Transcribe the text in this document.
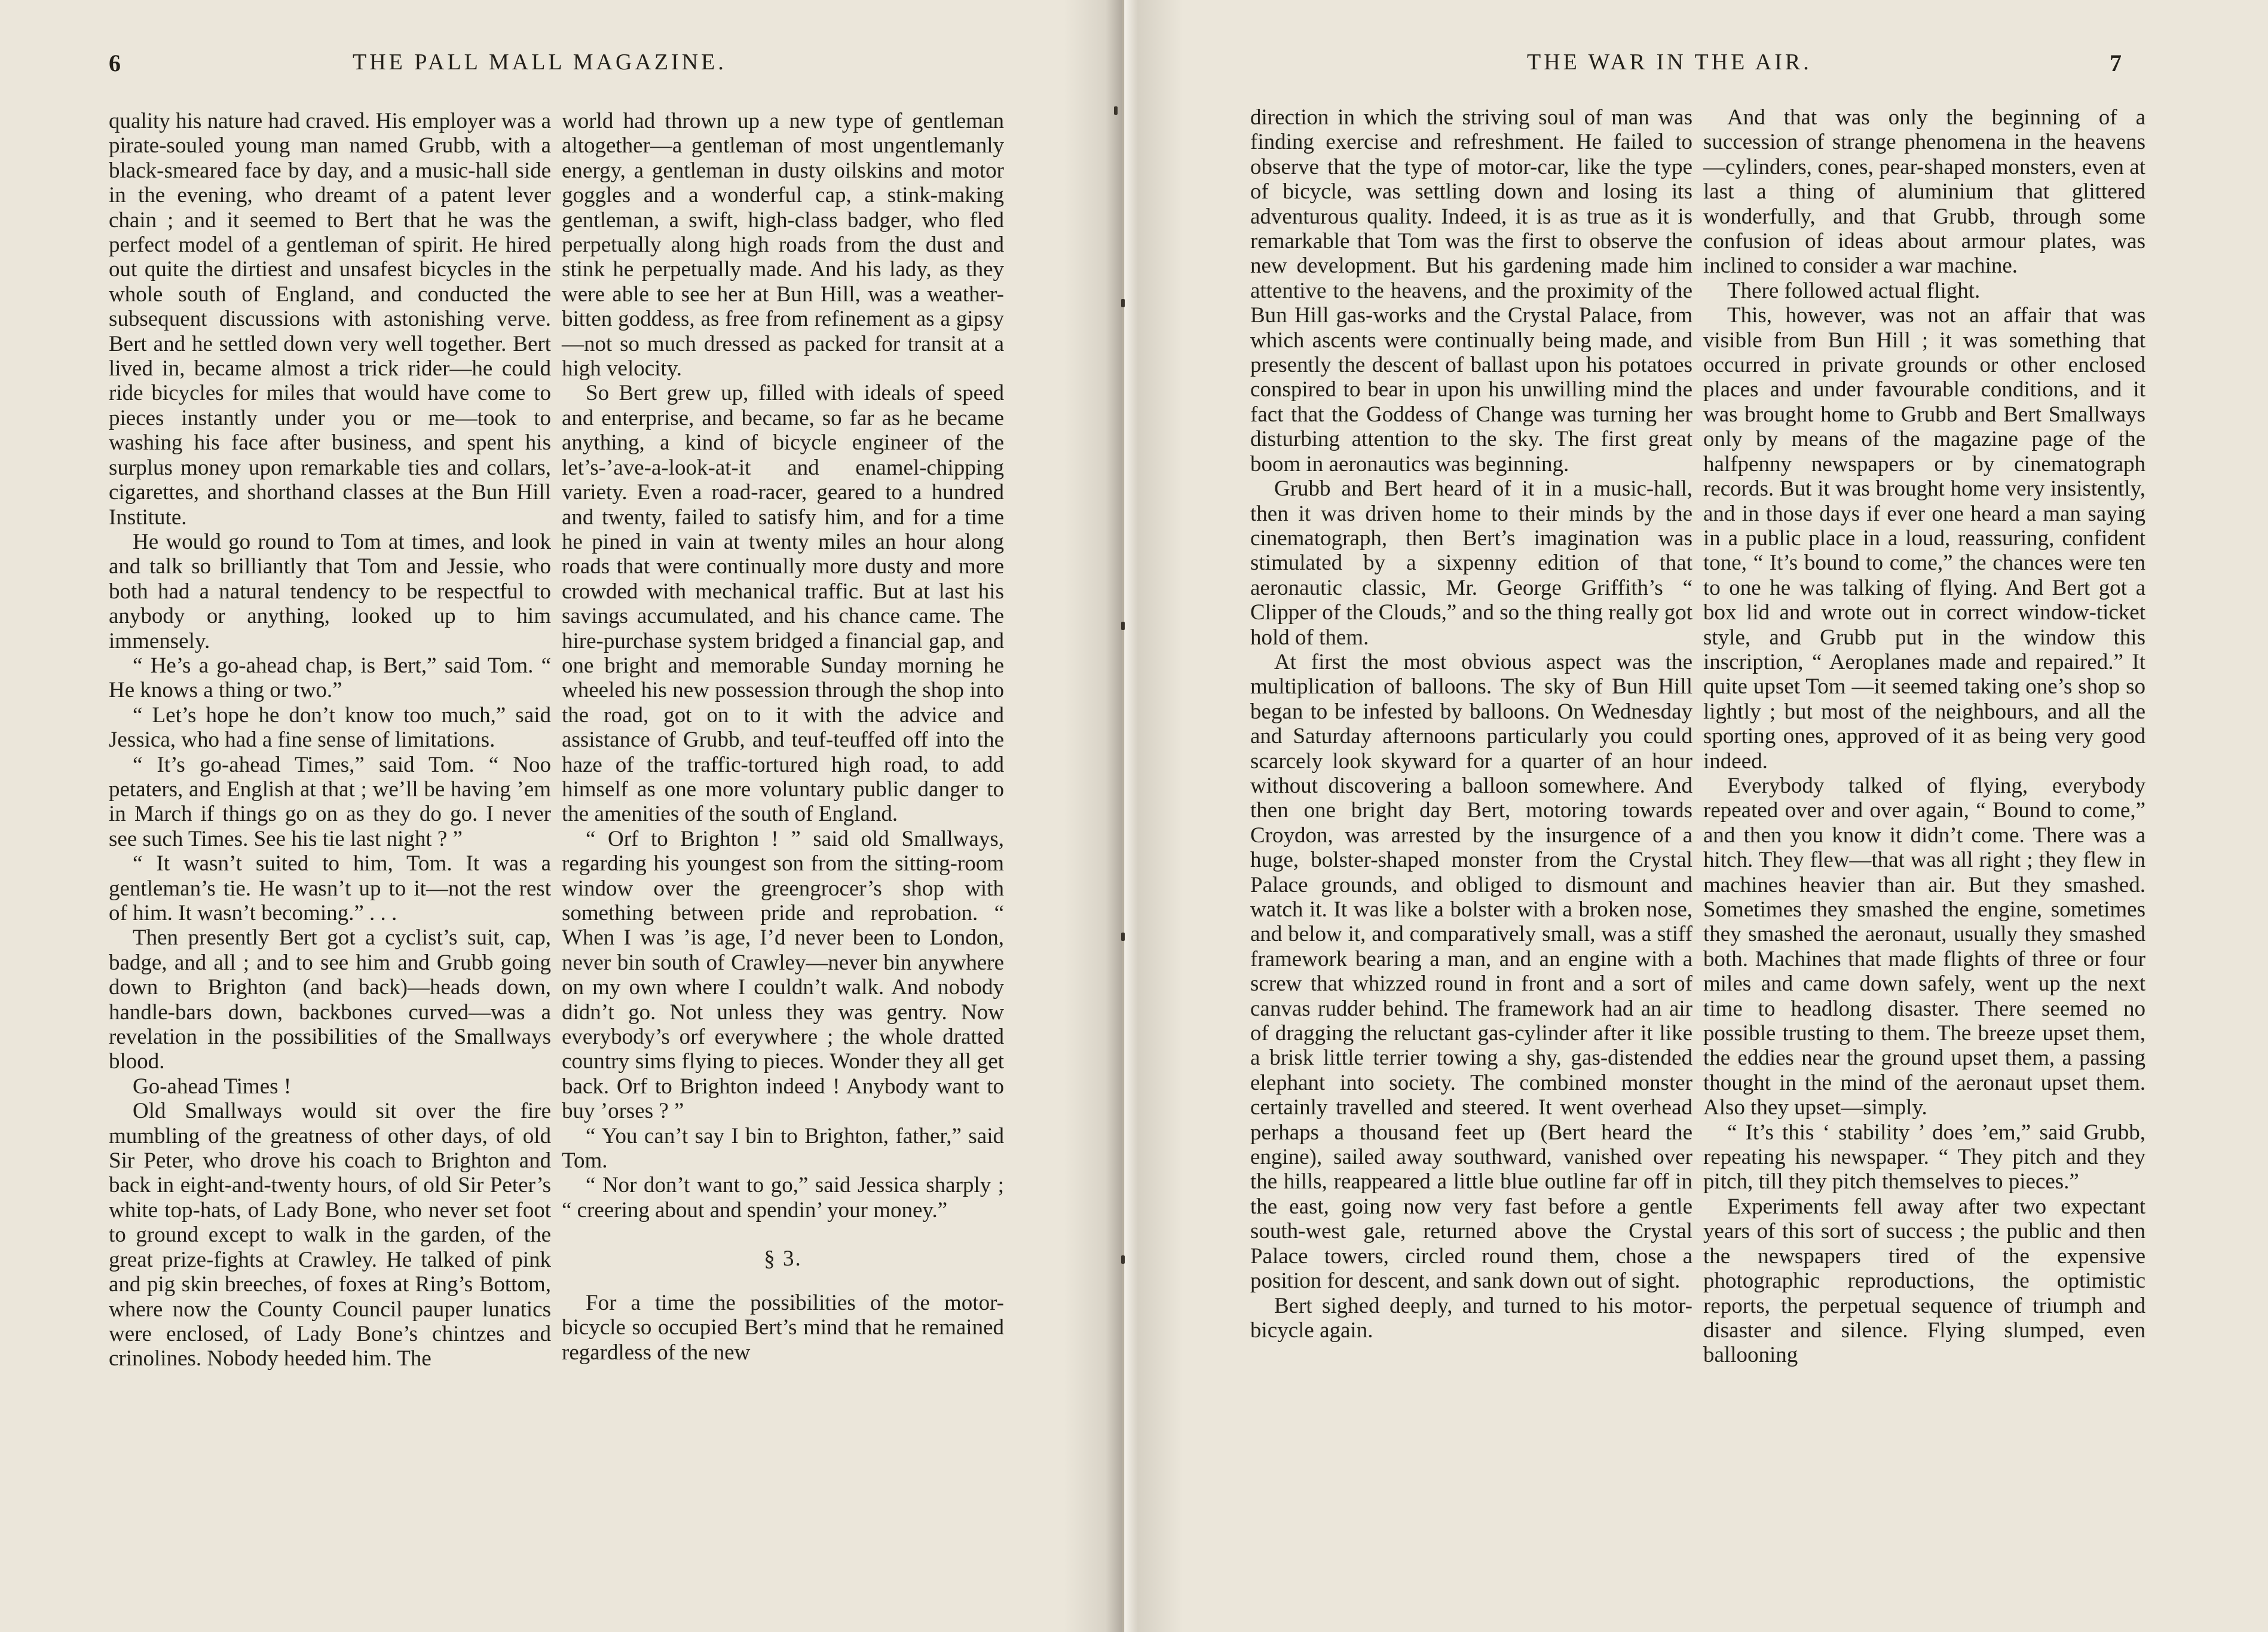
6	THE PALL MALL MAGAZINE.

quality his nature had craved. His employer was a pirate-souled young man named Grubb, with a black-smeared face by day, and a music-hall side in the evening, who dreamt of a patent lever chain ; and it seemed to Bert that he was the perfect model of a gentleman of spirit. He hired out quite the dirtiest and unsafest bicycles in the whole south of England, and conducted the subsequent discussions with astonishing verve. Bert and he settled down very well together. Bert lived in, became almost a trick rider—he could ride bicycles for miles that would have come to pieces instantly under you or me—took to washing his face after business, and spent his surplus money upon remarkable ties and collars, cigarettes, and shorthand classes at the Bun Hill Institute.

He would go round to Tom at times, and look and talk so brilliantly that Tom and Jessie, who both had a natural tendency to be respectful to anybody or anything, looked up to him immensely.

“ He’s a go-ahead chap, is Bert,” said Tom. “ He knows a thing or two.”

“ Let’s hope he don’t know too much,” said Jessica, who had a fine sense of limitations.

“ It’s go-ahead Times,” said Tom. “ Noo petaters, and English at that ; we’ll be having ’em in March if things go on as they do go. I never see such Times. See his tie last night ? ”

“ It wasn’t suited to him, Tom. It was a gentleman’s tie. He wasn’t up to it—not the rest of him. It wasn’t becoming.” . . .

Then presently Bert got a cyclist’s suit, cap, badge, and all ; and to see him and Grubb going down to Brighton (and back)—heads down, handle-bars down, backbones curved—was a revelation in the possibilities of the Smallways blood.

Go-ahead Times !

Old Smallways would sit over the fire mumbling of the greatness of other days, of old Sir Peter, who drove his coach to Brighton and back in eight-and-twenty hours, of old Sir Peter’s white top-hats, of Lady Bone, who never set foot to ground except to walk in the garden, of the great prize-fights at Crawley. He talked of pink and pig skin breeches, of foxes at Ring’s Bottom, where now the County Council pauper lunatics were enclosed, of Lady Bone’s chintzes and crinolines. Nobody heeded him. The

world had thrown up a new type of gentleman altogether—a gentleman of most ungentlemanly energy, a gentleman in dusty oilskins and motor goggles and a wonderful cap, a stink-making gentleman, a swift, high-class badger, who fled perpetually along high roads from the dust and stink he perpetually made. And his lady, as they were able to see her at Bun Hill, was a weather-bitten goddess, as free from refinement as a gipsy—not so much dressed as packed for transit at a high velocity.

So Bert grew up, filled with ideals of speed and enterprise, and became, so far as he became anything, a kind of bicycle engineer of the let’s-’ave-a-look-at-it and enamel-chipping variety. Even a road-racer, geared to a hundred and twenty, failed to satisfy him, and for a time he pined in vain at twenty miles an hour along roads that were continually more dusty and more crowded with mechanical traffic. But at last his savings accumulated, and his chance came. The hire-purchase system bridged a financial gap, and one bright and memorable Sunday morning he wheeled his new possession through the shop into the road, got on to it with the advice and assistance of Grubb, and teuf-teuffed off into the haze of the traffic-tortured high road, to add himself as one more voluntary public danger to the amenities of the south of England.

“ Orf to Brighton ! ” said old Smallways, regarding his youngest son from the sitting-room window over the greengrocer’s shop with something between pride and reprobation. “ When I was ’is age, I’d never been to London, never bin south of Crawley—never bin anywhere on my own where I couldn’t walk. And nobody didn’t go. Not unless they was gentry. Now everybody’s orf everywhere ; the whole dratted country sims flying to pieces. Wonder they all get back. Orf to Brighton indeed ! Anybody want to buy ’orses ? ”

“ You can’t say I bin to Brighton, father,” said Tom.

“ Nor don’t want to go,” said Jessica sharply ; “ creering about and spendin’ your money.”

§ 3.

For a time the possibilities of the motor-bicycle so occupied Bert’s mind that he remained regardless of the new

THE WAR IN THE AIR.	7

direction in which the striving soul of man was finding exercise and refreshment. He failed to observe that the type of motor-car, like the type of bicycle, was settling down and losing its adventurous quality. Indeed, it is as true as it is remarkable that Tom was the first to observe the new development. But his gardening made him attentive to the heavens, and the proximity of the Bun Hill gas-works and the Crystal Palace, from which ascents were continually being made, and presently the descent of ballast upon his potatoes conspired to bear in upon his unwilling mind the fact that the Goddess of Change was turning her disturbing attention to the sky. The first great boom in aeronautics was beginning.

Grubb and Bert heard of it in a music-hall, then it was driven home to their minds by the cinematograph, then Bert’s imagination was stimulated by a sixpenny edition of that aeronautic classic, Mr. George Griffith’s “ Clipper of the Clouds,” and so the thing really got hold of them.

At first the most obvious aspect was the multiplication of balloons. The sky of Bun Hill began to be infested by balloons. On Wednesday and Saturday afternoons particularly you could scarcely look skyward for a quarter of an hour without discovering a balloon somewhere. And then one bright day Bert, motoring towards Croydon, was arrested by the insurgence of a huge, bolster-shaped monster from the Crystal Palace grounds, and obliged to dismount and watch it. It was like a bolster with a broken nose, and below it, and comparatively small, was a stiff framework bearing a man, and an engine with a screw that whizzed round in front and a sort of canvas rudder behind. The framework had an air of dragging the reluctant gas-cylinder after it like a brisk little terrier towing a shy, gas-distended elephant into society. The combined monster certainly travelled and steered. It went overhead perhaps a thousand feet up (Bert heard the engine), sailed away southward, vanished over the hills, reappeared a little blue outline far off in the east, going now very fast before a gentle south-west gale, returned above the Crystal Palace towers, circled round them, chose a position for descent, and sank down out of sight.

Bert sighed deeply, and turned to his motor-bicycle again.

And that was only the beginning of a succession of strange phenomena in the heavens—cylinders, cones, pear-shaped monsters, even at last a thing of aluminium that glittered wonderfully, and that Grubb, through some confusion of ideas about armour plates, was inclined to consider a war machine.

There followed actual flight.

This, however, was not an affair that was visible from Bun Hill ; it was something that occurred in private grounds or other enclosed places and under favourable conditions, and it was brought home to Grubb and Bert Smallways only by means of the magazine page of the halfpenny newspapers or by cinematograph records. But it was brought home very insistently, and in those days if ever one heard a man saying in a public place in a loud, reassuring, confident tone, “ It’s bound to come,” the chances were ten to one he was talking of flying. And Bert got a box lid and wrote out in correct window-ticket style, and Grubb put in the window this inscription, “ Aeroplanes made and repaired.” It quite upset Tom —it seemed taking one’s shop so lightly ; but most of the neighbours, and all the sporting ones, approved of it as being very good indeed.

Everybody talked of flying, everybody repeated over and over again, “ Bound to come,” and then you know it didn’t come. There was a hitch. They flew—that was all right ; they flew in machines heavier than air. But they smashed. Sometimes they smashed the engine, sometimes they smashed the aeronaut, usually they smashed both. Machines that made flights of three or four miles and came down safely, went up the next time to headlong disaster. There seemed no possible trusting to them. The breeze upset them, the eddies near the ground upset them, a passing thought in the mind of the aeronaut upset them. Also they upset—simply.

“ It’s this ‘ stability ’ does ’em,” said Grubb, repeating his newspaper. “ They pitch and they pitch, till they pitch themselves to pieces.”

Experiments fell away after two expectant years of this sort of success ; the public and then the newspapers tired of the expensive photographic reproductions, the optimistic reports, the perpetual sequence of triumph and disaster and silence. Flying slumped, even ballooning
